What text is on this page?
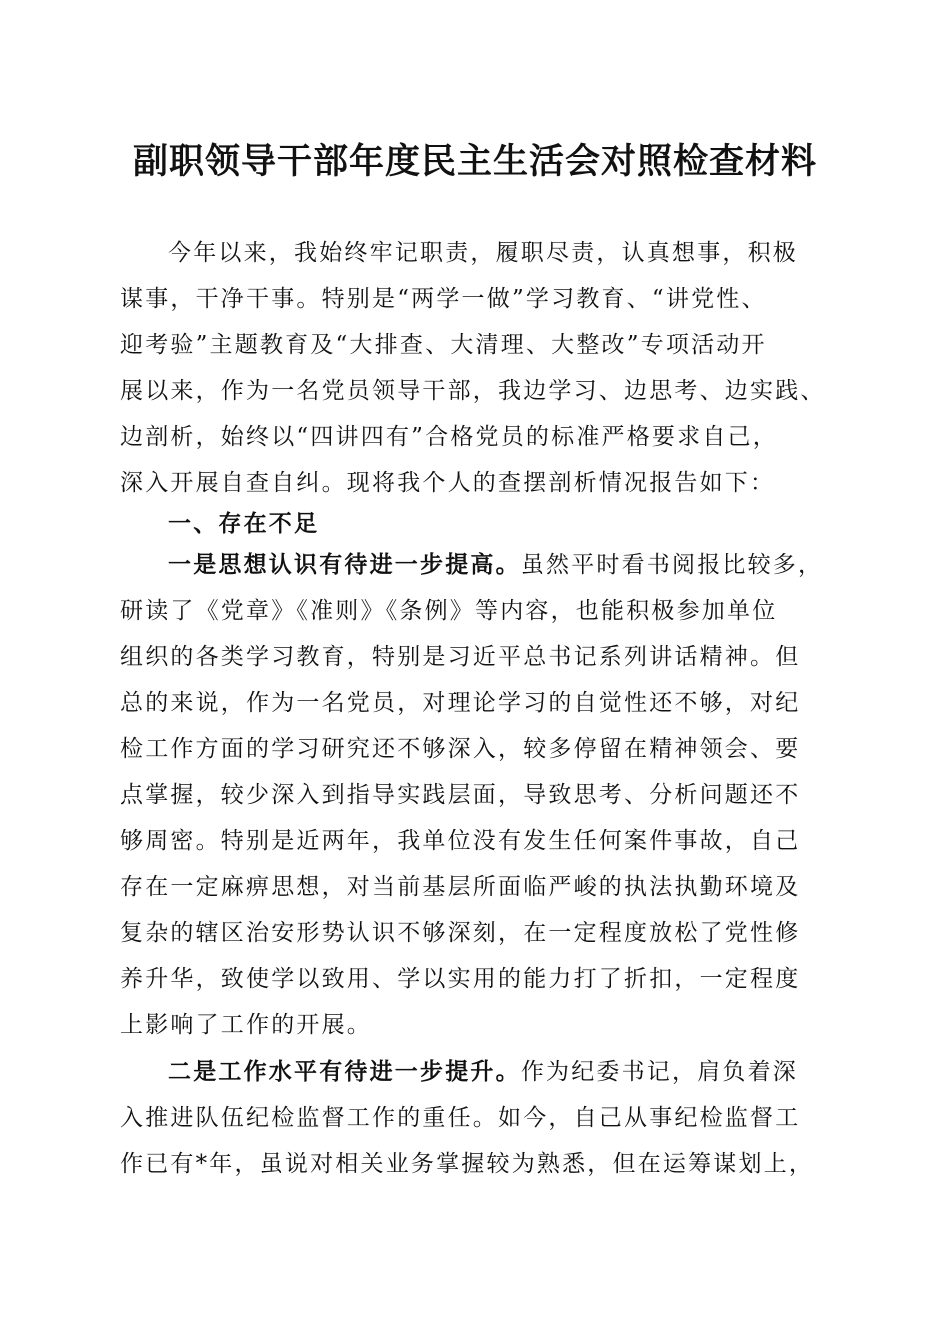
副职领导干部年度民主生活会对照检查材料
今年以来，我始终牢记职责，履职尽责，认真想事，积极
谋事，干净干事。特别是“两学一做”学习教育、“讲党性、
迎考验”主题教育及“大排查、大清理、大整改”专项活动开
展以来，作为一名党员领导干部，我边学习、边思考、边实践、
边剖析，始终以“四讲四有”合格党员的标准严格要求自己，
深入开展自查自纠。现将我个人的查摆剖析情况报告如下：
一、存在不足
一是思想认识有待进一步提高。虽然平时看书阅报比较多，
研读了《党章》《准则》《条例》等内容，也能积极参加单位
组织的各类学习教育，特别是习近平总书记系列讲话精神。但
总的来说，作为一名党员，对理论学习的自觉性还不够，对纪
检工作方面的学习研究还不够深入，较多停留在精神领会、要
点掌握，较少深入到指导实践层面，导致思考、分析问题还不
够周密。特别是近两年，我单位没有发生任何案件事故，自己
存在一定麻痹思想，对当前基层所面临严峻的执法执勤环境及
复杂的辖区治安形势认识不够深刻，在一定程度放松了党性修
养升华，致使学以致用、学以实用的能力打了折扣，一定程度
上影响了工作的开展。
二是工作水平有待进一步提升。作为纪委书记，肩负着深
入推进队伍纪检监督工作的重任。如今，自己从事纪检监督工
作已有*年，虽说对相关业务掌握较为熟悉，但在运筹谋划上，
